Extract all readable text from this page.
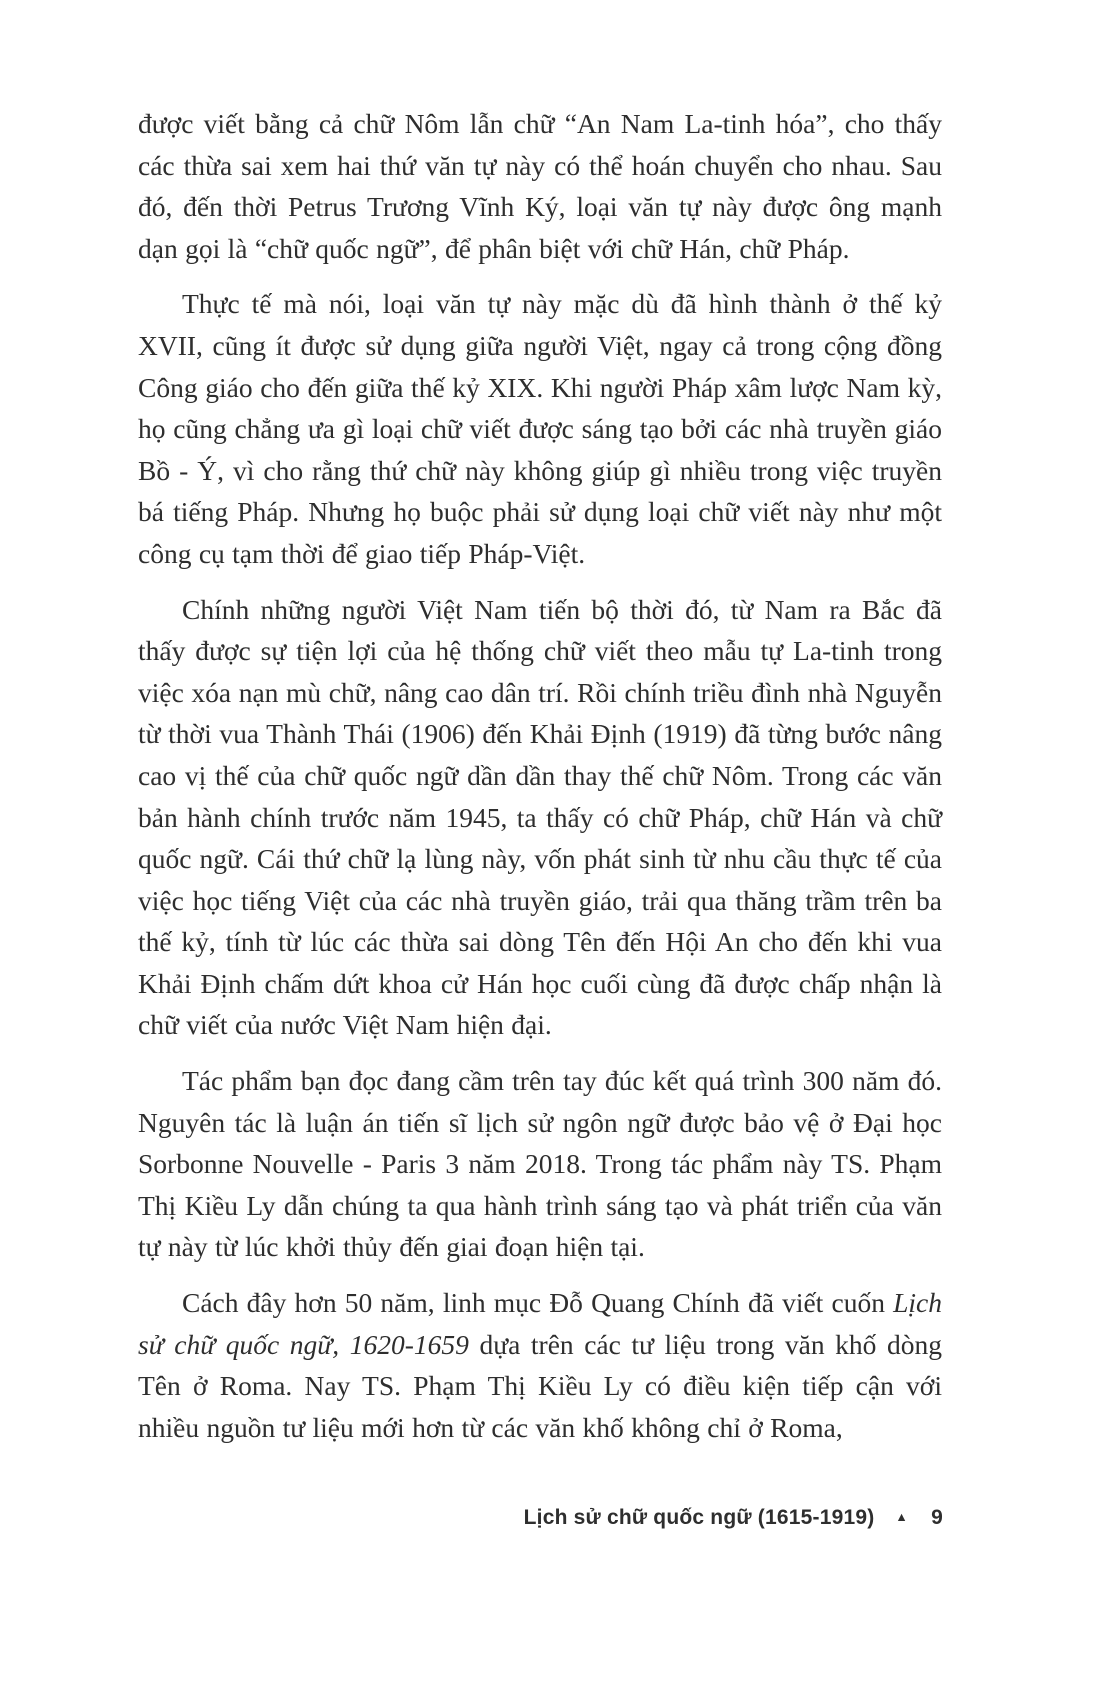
được viết bằng cả chữ Nôm lẫn chữ “An Nam La-tinh hóa”, cho thấy các thừa sai xem hai thứ văn tự này có thể hoán chuyển cho nhau. Sau đó, đến thời Petrus Trương Vĩnh Ký, loại văn tự này được ông mạnh dạn gọi là “chữ quốc ngữ”, để phân biệt với chữ Hán, chữ Pháp.

Thực tế mà nói, loại văn tự này mặc dù đã hình thành ở thế kỷ XVII, cũng ít được sử dụng giữa người Việt, ngay cả trong cộng đồng Công giáo cho đến giữa thế kỷ XIX. Khi người Pháp xâm lược Nam kỳ, họ cũng chẳng ưa gì loại chữ viết được sáng tạo bởi các nhà truyền giáo Bồ - Ý, vì cho rằng thứ chữ này không giúp gì nhiều trong việc truyền bá tiếng Pháp. Nhưng họ buộc phải sử dụng loại chữ viết này như một công cụ tạm thời để giao tiếp Pháp-Việt.

Chính những người Việt Nam tiến bộ thời đó, từ Nam ra Bắc đã thấy được sự tiện lợi của hệ thống chữ viết theo mẫu tự La-tinh trong việc xóa nạn mù chữ, nâng cao dân trí. Rồi chính triều đình nhà Nguyễn từ thời vua Thành Thái (1906) đến Khải Định (1919) đã từng bước nâng cao vị thế của chữ quốc ngữ dần dần thay thế chữ Nôm. Trong các văn bản hành chính trước năm 1945, ta thấy có chữ Pháp, chữ Hán và chữ quốc ngữ. Cái thứ chữ lạ lùng này, vốn phát sinh từ nhu cầu thực tế của việc học tiếng Việt của các nhà truyền giáo, trải qua thăng trầm trên ba thế kỷ, tính từ lúc các thừa sai dòng Tên đến Hội An cho đến khi vua Khải Định chấm dứt khoa cử Hán học cuối cùng đã được chấp nhận là chữ viết của nước Việt Nam hiện đại.

Tác phẩm bạn đọc đang cầm trên tay đúc kết quá trình 300 năm đó. Nguyên tác là luận án tiến sĩ lịch sử ngôn ngữ được bảo vệ ở Đại học Sorbonne Nouvelle - Paris 3 năm 2018. Trong tác phẩm này TS. Phạm Thị Kiều Ly dẫn chúng ta qua hành trình sáng tạo và phát triển của văn tự này từ lúc khởi thủy đến giai đoạn hiện tại.

Cách đây hơn 50 năm, linh mục Đỗ Quang Chính đã viết cuốn Lịch sử chữ quốc ngữ, 1620-1659 dựa trên các tư liệu trong văn khố dòng Tên ở Roma. Nay TS. Phạm Thị Kiều Ly có điều kiện tiếp cận với nhiều nguồn tư liệu mới hơn từ các văn khố không chỉ ở Roma,

Lịch sử chữ quốc ngữ (1615-1919) ▲ 9
